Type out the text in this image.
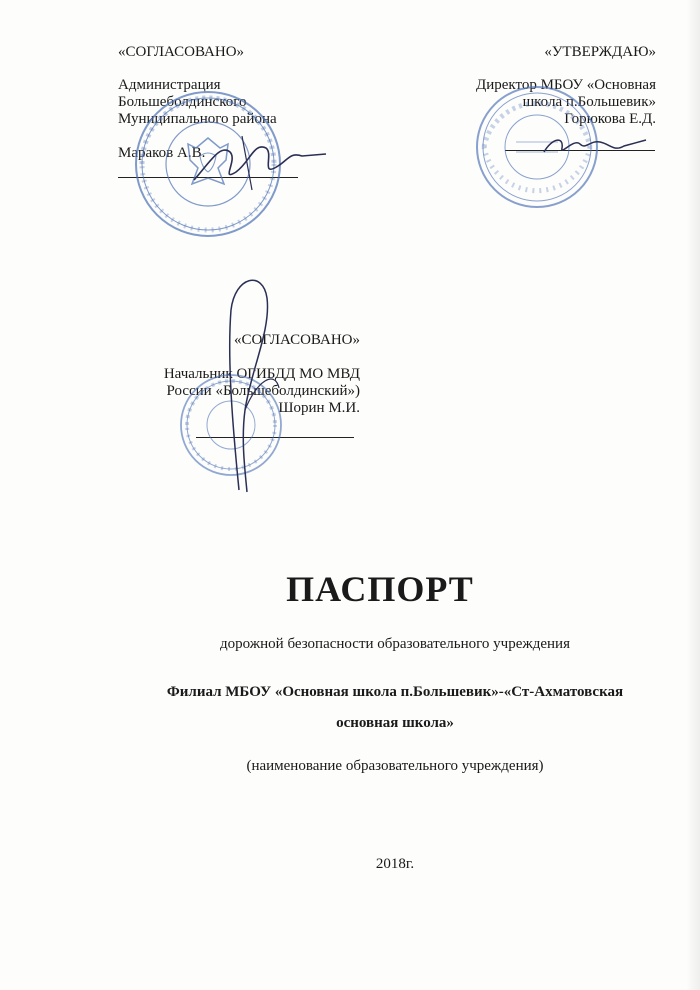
«СОГЛАСОВАНО»
Администрация
Большеболдинского
Муниципального района
Мараков А.В.
«УТВЕРЖДАЮ»
Директор МБОУ «Основная
школа п.Большевик»
Горюкова Е.Д.
«СОГЛАСОВАНО»
Начальник ОГИБДД МО МВД
России «Большеболдинский»)
Шорин М.И.
ПАСПОРТ
дорожной безопасности образовательного учреждения
Филиал МБОУ «Основная школа п.Большевик»-«Ст-Ахматовская
основная школа»
(наименование образовательного учреждения)
2018г.
